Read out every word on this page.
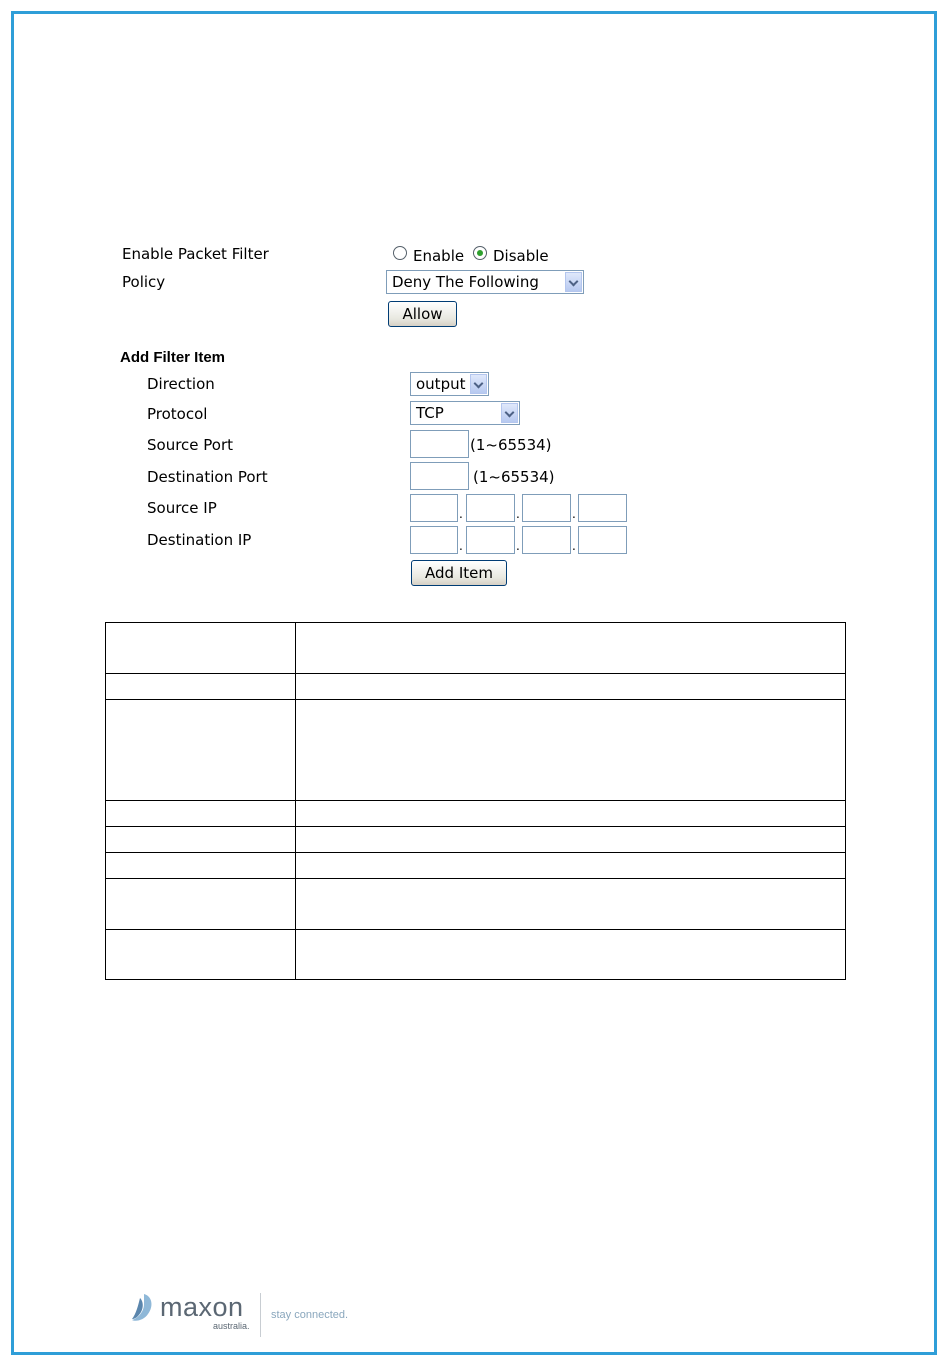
Enable Packet Filter	Enable Disable
Policy	Deny The Following
Allow
Add Filter Item
Direction	output
Protocol	TCP
Source Port	(1~65534)
Destination Port	(1~65534)
Source IP	.	.	.
Destination IP	.	.	.
Add Item

maxon
australia.
stay connected.
